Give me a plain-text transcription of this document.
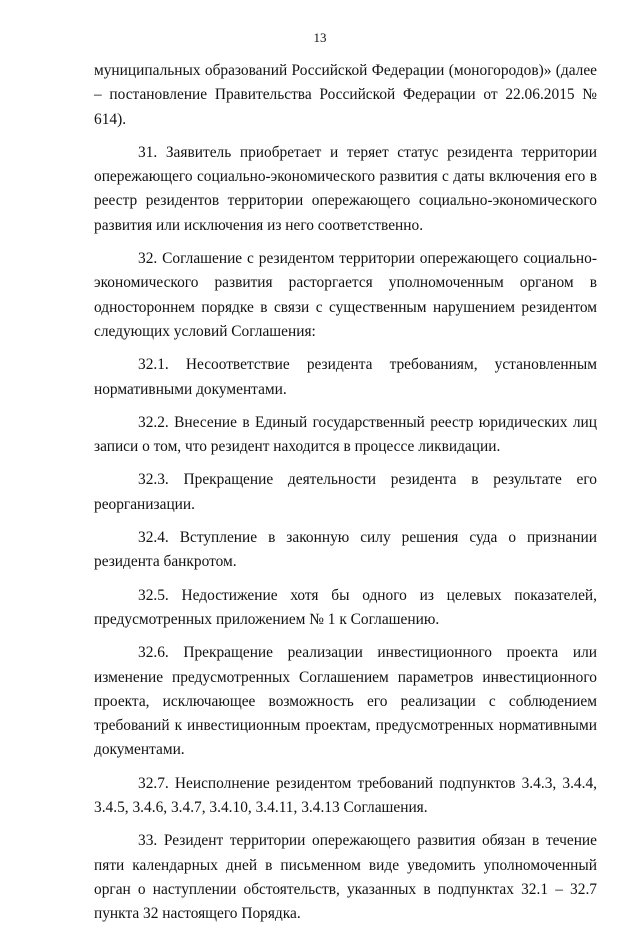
13

муниципальных образований Российской Федерации (моногородов)» (далее – постановление Правительства Российской Федерации от 22.06.2015 № 614).

31. Заявитель приобретает и теряет статус резидента территории опережающего социально-экономического развития с даты включения его в реестр резидентов территории опережающего социально-экономического развития или исключения из него соответственно.

32. Соглашение с резидентом территории опережающего социально-экономического развития расторгается уполномоченным органом в одностороннем порядке в связи с существенным нарушением резидентом следующих условий Соглашения:

32.1. Несоответствие резидента требованиям, установленным нормативными документами.

32.2. Внесение в Единый государственный реестр юридических лиц записи о том, что резидент находится в процессе ликвидации.

32.3. Прекращение деятельности резидента в результате его реорганизации.

32.4. Вступление в законную силу решения суда о признании резидента банкротом.

32.5. Недостижение хотя бы одного из целевых показателей, предусмотренных приложением № 1 к Соглашению.

32.6. Прекращение реализации инвестиционного проекта или изменение предусмотренных Соглашением параметров инвестиционного проекта, исключающее возможность его реализации с соблюдением требований к инвестиционным проектам, предусмотренных нормативными документами.

32.7. Неисполнение резидентом требований подпунктов 3.4.3, 3.4.4, 3.4.5, 3.4.6, 3.4.7, 3.4.10, 3.4.11, 3.4.13 Соглашения.

33. Резидент территории опережающего развития обязан в течение пяти календарных дней в письменном виде уведомить уполномоченный орган о наступлении обстоятельств, указанных в подпунктах 32.1 – 32.7 пункта 32 настоящего Порядка.
